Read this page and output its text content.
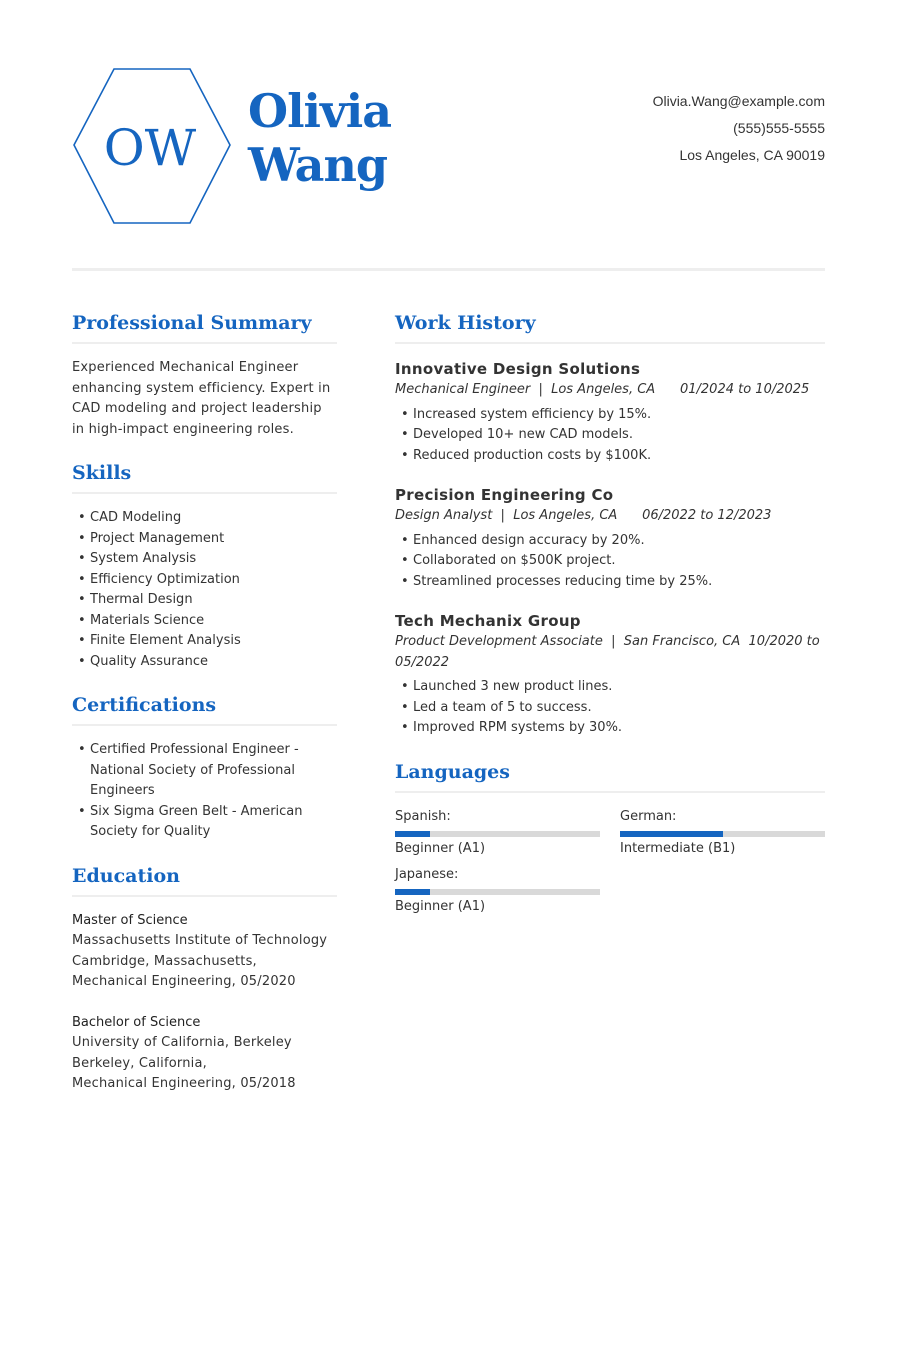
OW
Olivia
Wang
Olivia.Wang@example.com
(555)555-5555
Los Angeles, CA 90019
Professional Summary

Experienced Mechanical Engineer enhancing system efficiency. Expert in CAD modeling and project leadership in high-impact engineering roles.

Skills
• CAD Modeling
• Project Management
• System Analysis
• Efficiency Optimization
• Thermal Design
• Materials Science
• Finite Element Analysis
• Quality Assurance
Certifications
• Certified Professional Engineer - National Society of Professional Engineers
• Six Sigma Green Belt - American Society for Quality
Education
Master of Science
Massachusetts Institute of Technology
Cambridge, Massachusetts,
Mechanical Engineering, 05/2020
Bachelor of Science
University of California, Berkeley
Berkeley, California,
Mechanical Engineering, 05/2018
Work History
Innovative Design Solutions
Mechanical Engineer  |  Los Angeles, CA      01/2024 to 10/2025
• Increased system efficiency by 15%.
• Developed 10+ new CAD models.
• Reduced production costs by $100K.
Precision Engineering Co
Design Analyst  |  Los Angeles, CA      06/2022 to 12/2023
• Enhanced design accuracy by 20%.
• Collaborated on $500K project.
• Streamlined processes reducing time by 25%.
Tech Mechanix Group
Product Development Associate  |  San Francisco, CA  10/2020 to 05/2022
• Launched 3 new product lines.
• Led a team of 5 to success.
• Improved RPM systems by 30%.
Languages
Spanish:
Beginner (A1)
German:
Intermediate (B1)
Japanese:
Beginner (A1)
